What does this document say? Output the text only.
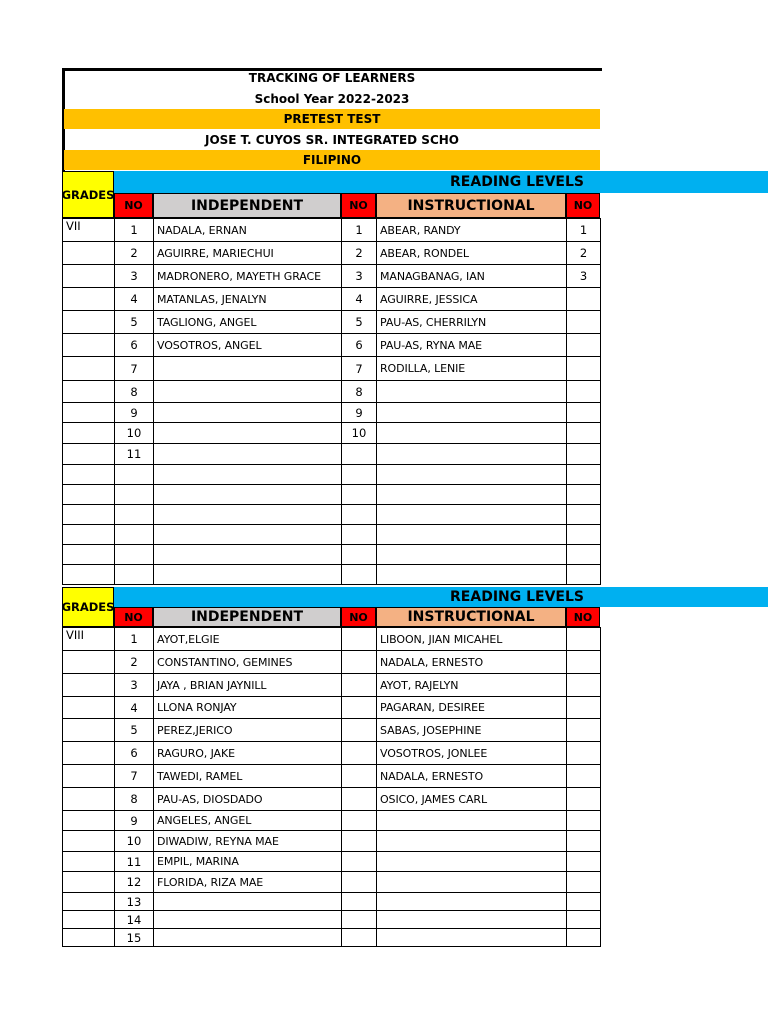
TRACKING OF LEARNERS
School Year 2022-2023
PRETEST TEST
JOSE T. CUYOS SR. INTEGRATED SCHO
FILIPINO
GRADES
READING LEVELS
NO	INDEPENDENT	NO	INSTRUCTIONAL	NO
VII	1	NADALA, ERNAN	1	ABEAR, RANDY	1
	2	AGUIRRE, MARIECHUI	2	ABEAR, RONDEL	2
	3	MADRONERO, MAYETH GRACE	3	MANAGBANAG, IAN	3
	4	MATANLAS, JENALYN	4	AGUIRRE, JESSICA	
	5	TAGLIONG, ANGEL	5	PAU-AS, CHERRILYN	
	6	VOSOTROS, ANGEL	6	PAU-AS, RYNA MAE	
	7		7	RODILLA, LENIE	
	8		8		
	9		9		
	10		10		
	11				

GRADES
READING LEVELS
NO	INDEPENDENT	NO	INSTRUCTIONAL	NO
VIII	1	AYOT,ELGIE		LIBOON, JIAN MICAHEL	
	2	CONSTANTINO, GEMINES		NADALA, ERNESTO	
	3	JAYA , BRIAN JAYNILL		AYOT, RAJELYN	
	4	LLONA RONJAY		PAGARAN, DESIREE	
	5	PEREZ,JERICO		SABAS, JOSEPHINE	
	6	RAGURO, JAKE		VOSOTROS, JONLEE	
	7	TAWEDI, RAMEL		NADALA, ERNESTO	
	8	PAU-AS, DIOSDADO		OSICO, JAMES CARL	
	9	ANGELES, ANGEL			
	10	DIWADIW, REYNA MAE			
	11	EMPIL, MARINA			
	12	FLORIDA, RIZA MAE			
	13				
	14				
	15				
